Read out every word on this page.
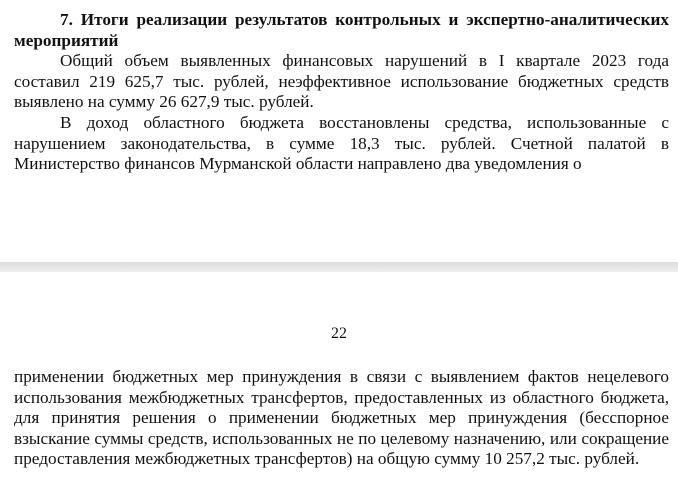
7. Итоги реализации результатов контрольных и экспертно-аналитических мероприятий

Общий объем выявленных финансовых нарушений в I квартале 2023 года составил 219 625,7 тыс. рублей, неэффективное использование бюджетных средств выявлено на сумму 26 627,9 тыс. рублей.

В доход областного бюджета восстановлены средства, использованные с нарушением законодательства, в сумме 18,3 тыс. рублей. Счетной палатой в Министерство финансов Мурманской области направлено два уведомления о

22

применении бюджетных мер принуждения в связи с выявлением фактов нецелевого использования межбюджетных трансфертов, предоставленных из областного бюджета, для принятия решения о применении бюджетных мер принуждения (бесспорное взыскание суммы средств, использованных не по целевому назначению, или сокращение предоставления межбюджетных трансфертов) на общую сумму 10 257,2 тыс. рублей.
